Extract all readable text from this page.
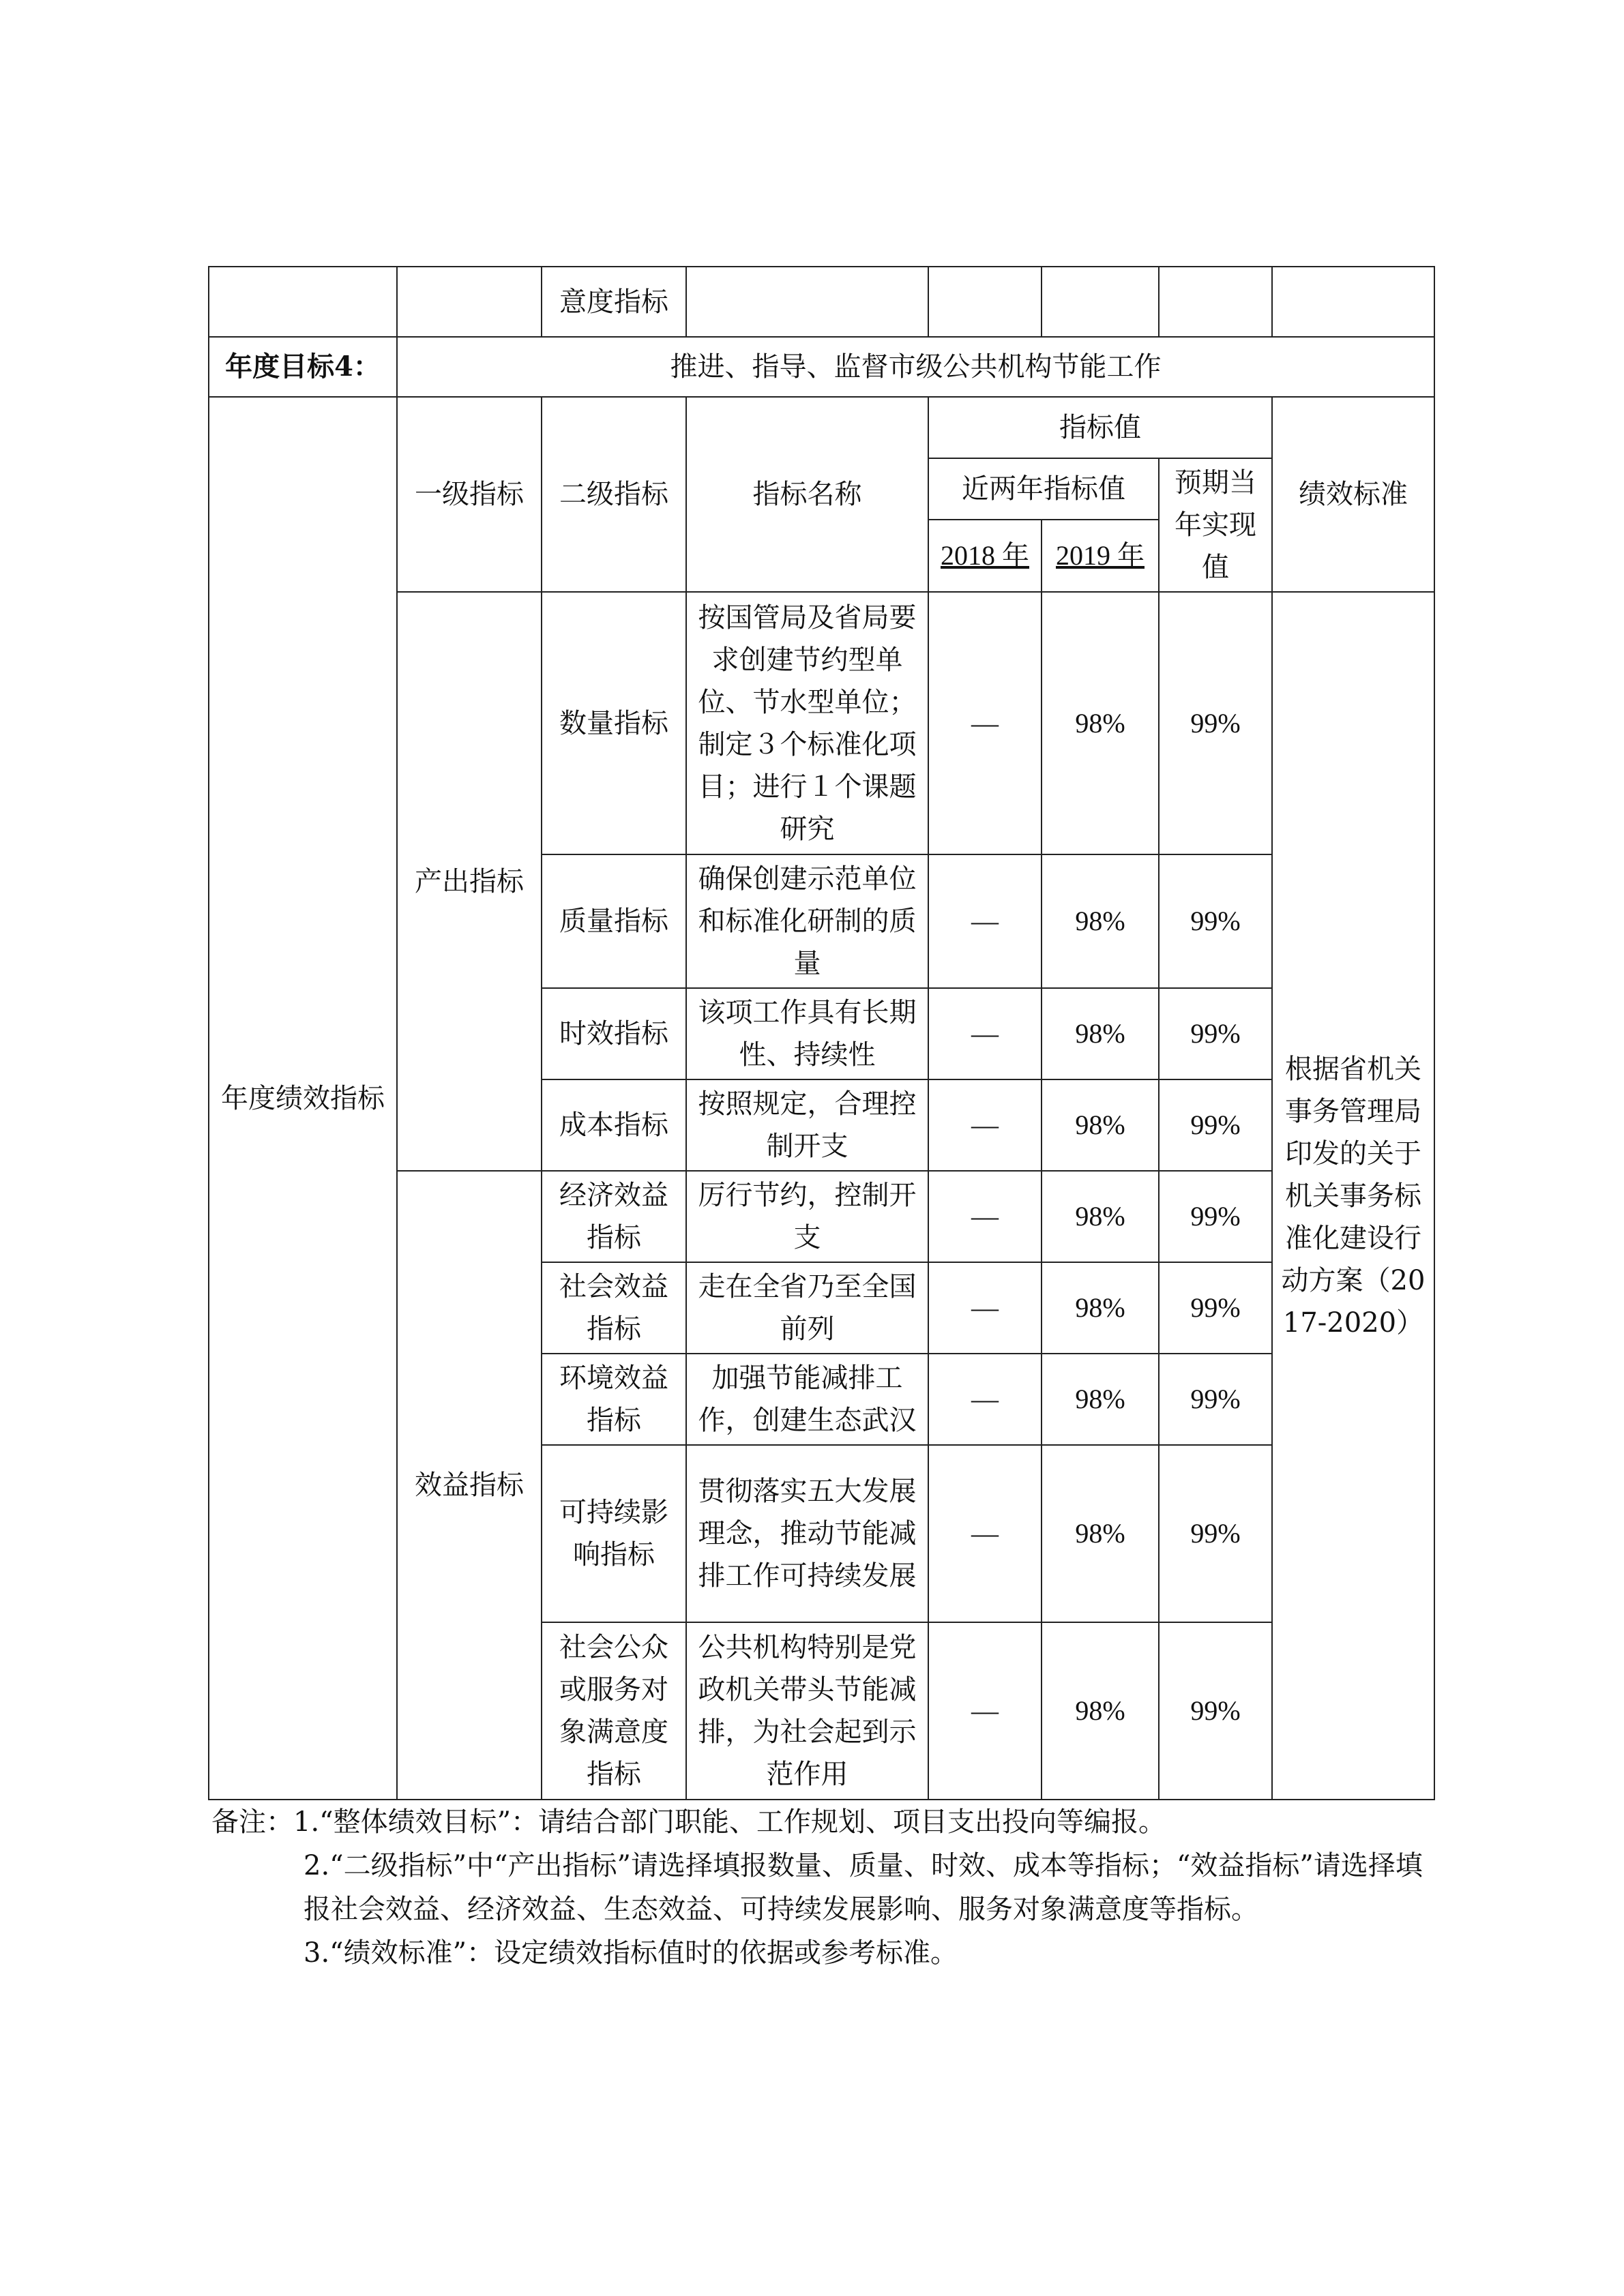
		意度指标					
年度目标4：	推进、指导、监督市级公共机构节能工作						
年度绩效指标	一级指标	二级指标	指标名称	指标值			绩效标准
				近两年指标值		预期当年实现值	
				2018 年	2019 年		
	产出指标	数量指标	按国管局及省局要求创建节约型单位、节水型单位；制定３个标准化项目；进行１个课题研究	—	98%	99%	根据省机关事务管理局印发的关于机关事务标准化建设行动方案（2017-2020）
		质量指标	确保创建示范单位和标准化研制的质量	—	98%	99%	
		时效指标	该项工作具有长期性、持续性	—	98%	99%	
		成本指标	按照规定，合理控制开支	—	98%	99%	
	效益指标	经济效益指标	厉行节约，控制开支	—	98%	99%	
		社会效益指标	走在全省乃至全国前列	—	98%	99%	
		环境效益指标	加强节能减排工作，创建生态武汉	—	98%	99%	
		可持续影响指标	贯彻落实五大发展理念，推动节能减排工作可持续发展	—	98%	99%	
		社会公众或服务对象满意度指标	公共机构特别是党政机关带头节能减排，为社会起到示范作用	—	98%	99%	

备注：1.“整体绩效目标”：请结合部门职能、工作规划、项目支出投向等编报。

2.“二级指标”中“产出指标”请选择填报数量、质量、时效、成本等指标；“效益指标”请选择填报社会效益、经济效益、生态效益、可持续发展影响、服务对象满意度等指标。

3.“绩效标准”：设定绩效指标值时的依据或参考标准。
